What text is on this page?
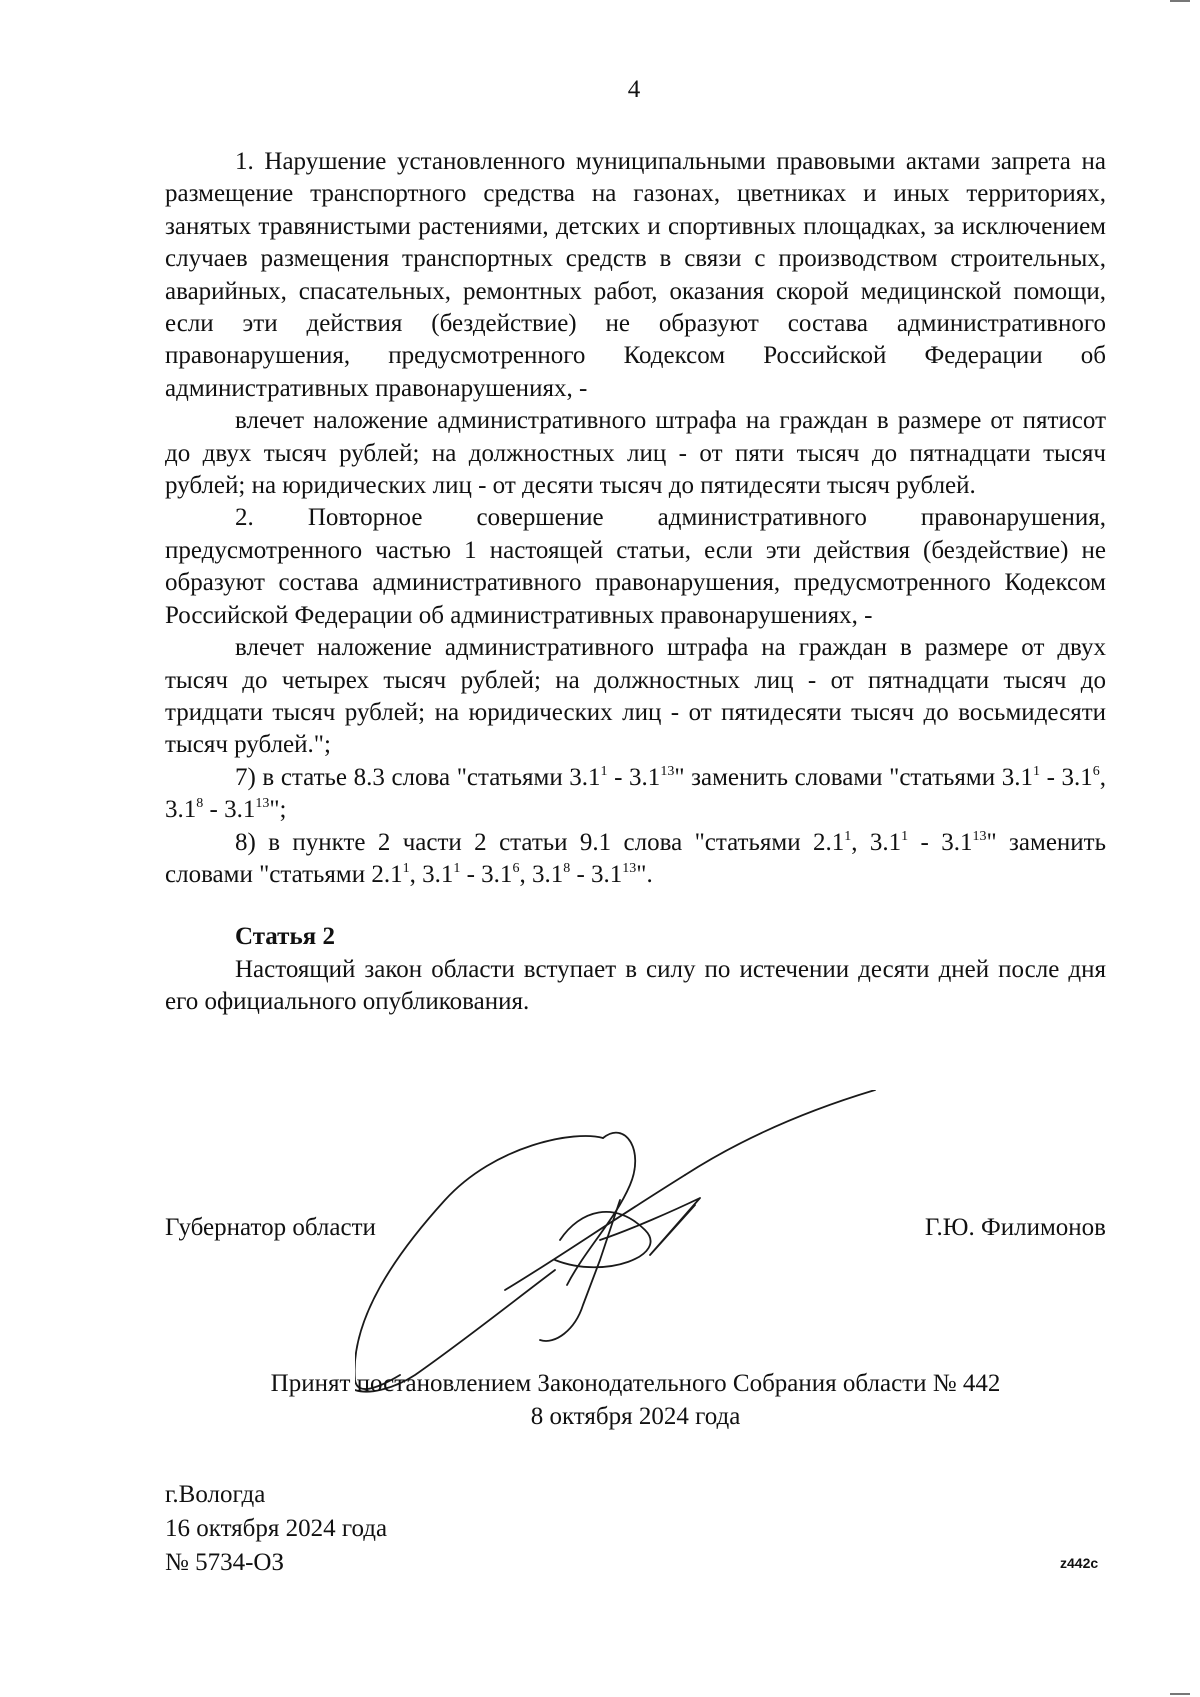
4

1. Нарушение установленного муниципальными правовыми актами запрета на размещение транспортного средства на газонах, цветниках и иных территориях, занятых травянистыми растениями, детских и спортивных площадках, за исключением случаев размещения транспортных средств в связи с производством строительных, аварийных, спасательных, ремонтных работ, оказания скорой медицинской помощи, если эти действия (бездействие) не образуют состава административного правонарушения, предусмотренного Кодексом Российской Федерации об административных правонарушениях, -

влечет наложение административного штрафа на граждан в размере от пятисот до двух тысяч рублей; на должностных лиц - от пяти тысяч до пятнадцати тысяч рублей; на юридических лиц - от десяти тысяч до пятидесяти тысяч рублей.

2. Повторное совершение административного правонарушения, предусмотренного частью 1 настоящей статьи, если эти действия (бездействие) не образуют состава административного правонарушения, предусмотренного Кодексом Российской Федерации об административных правонарушениях, -

влечет наложение административного штрафа на граждан в размере от двух тысяч до четырех тысяч рублей; на должностных лиц - от пятнадцати тысяч до тридцати тысяч рублей; на юридических лиц - от пятидесяти тысяч до восьмидесяти тысяч рублей.";

7) в статье 8.3 слова "статьями $3.1^1 - 3.1^{13}$" заменить словами "статьями $3.1^1 - 3.1^6$, $3.1^8 - 3.1^{13}$";

8) в пункте 2 части 2 статьи 9.1 слова "статьями $2.1^1$, $3.1^1 - 3.1^{13}$" заменить словами "статьями $2.1^1$, $3.1^1 - 3.1^6$, $3.1^8 - 3.1^{13}$".

Статья 2

Настоящий закон области вступает в силу по истечении десяти дней после дня его официального опубликования.

Губернатор области	Г.Ю. Филимонов
Принят постановлением Законодательного Собрания области № 442
8 октября 2024 года
г.Вологда
16 октября 2024 года
№ 5734-ОЗ	z442c
